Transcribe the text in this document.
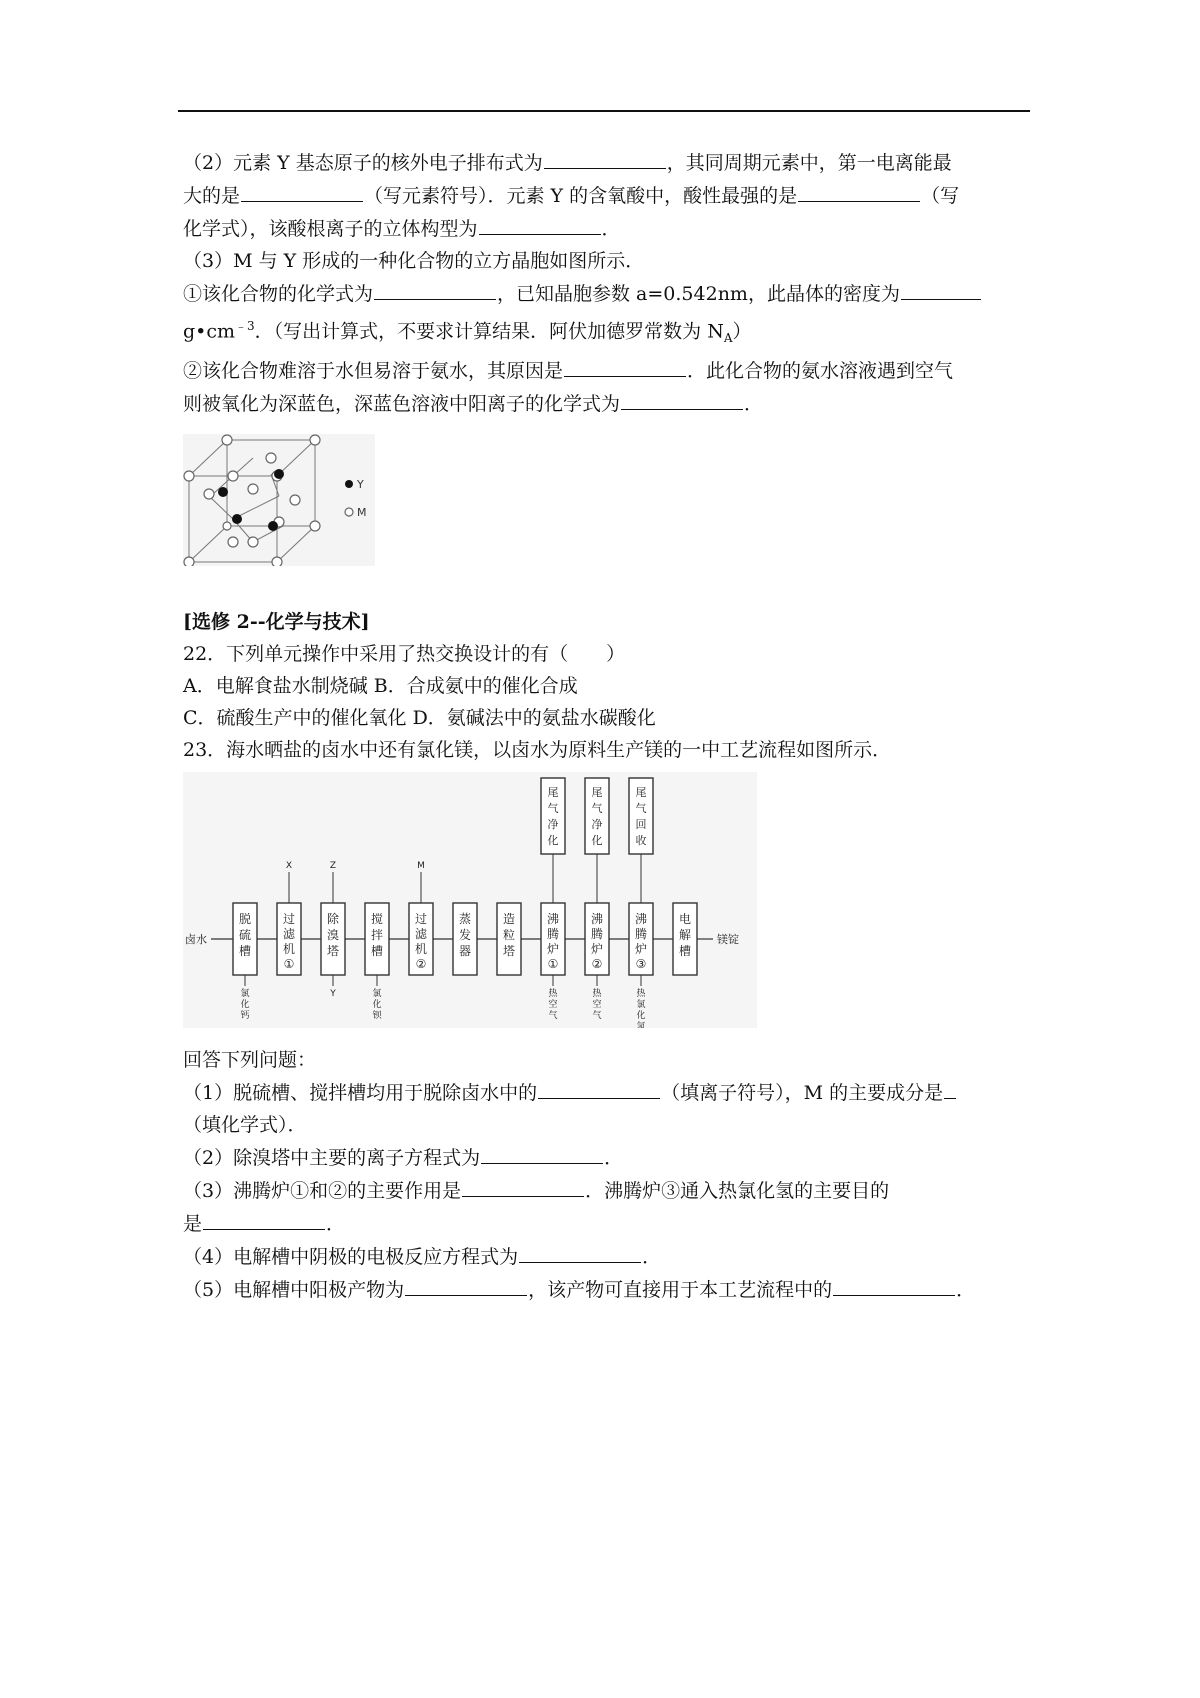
（2）元素 Y 基态原子的核外电子排布式为	，其同周期元素中，第一电离能最
大的是	（写元素符号）．元素 Y 的含氧酸中，酸性最强的是	（写
化学式），该酸根离子的立体构型为	．
（3）M 与 Y 形成的一种化合物的立方晶胞如图所示．
①该化合物的化学式为	，已知晶胞参数 a=0.542nm，此晶体的密度为
$g•cm^{﹣3}$．（写出计算式，不要求计算结果．阿伏加德罗常数为 $N_A$）
②该化合物难溶于水但易溶于氨水，其原因是	．此化合物的氨水溶液遇到空气
则被氧化为深蓝色，深蓝色溶液中阳离子的化学式为	．
Y
M
[选修 2--化学与技术]
22．下列单元操作中采用了热交换设计的有（　　）
A．电解食盐水制烧碱 B．合成氨中的催化合成
C．硫酸生产中的催化氧化 D．氨碱法中的氨盐水碳酸化
23．海水晒盐的卤水中还有氯化镁，以卤水为原料生产镁的一中工艺流程如图所示．
卤水
脱硫槽
过滤机 ①
除溴塔
搅拌槽
过滤机 ②
蒸发器
造粒塔
沸腾炉 ①
沸腾炉 ②
沸腾炉 ③
电解槽
镁锭
X	Z	M
尾气净化
尾气净化
尾气回收
氯化钙
Y	氯化钡
热空气
热空气
热氯化氢
回答下列问题：
（1）脱硫槽、搅拌槽均用于脱除卤水中的	（填离子符号），M 的主要成分是
（填化学式）．
（2）除溴塔中主要的离子方程式为	．
（3）沸腾炉①和②的主要作用是	．沸腾炉③通入热氯化氢的主要目的
是	．
（4）电解槽中阴极的电极反应方程式为	．
（5）电解槽中阳极产物为	，该产物可直接用于本工艺流程中的	．
